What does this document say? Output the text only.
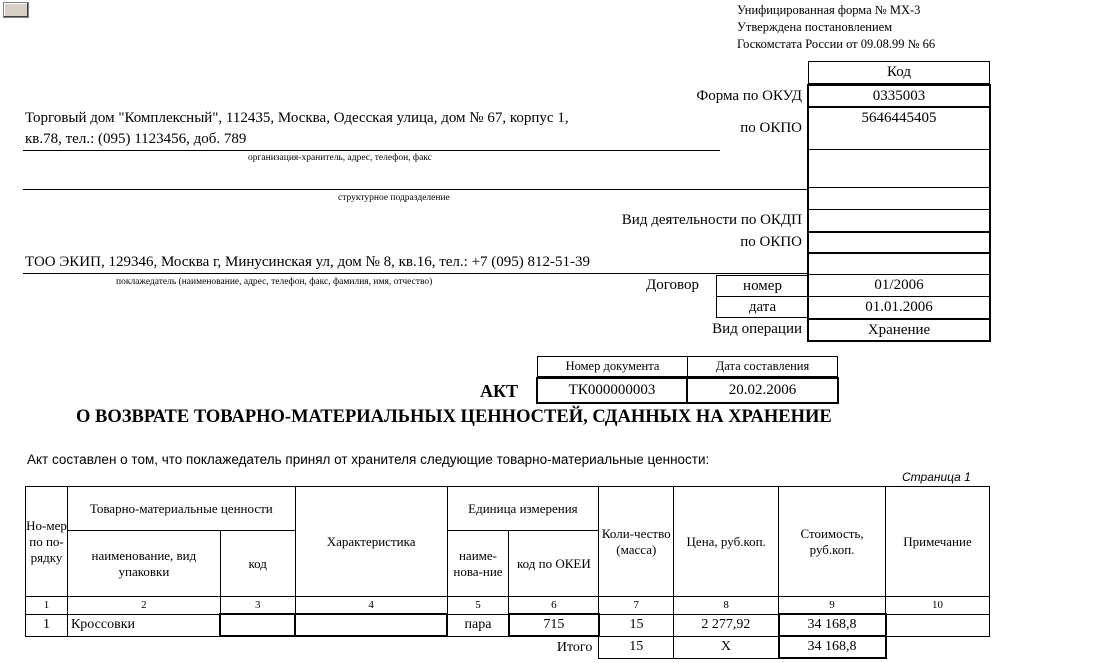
Унифицированная форма № МХ-3
Утверждена постановлением
Госкомстата России от 09.08.99 № 66
Код
Форма по ОКУД	0335003
по ОКПО
5646445405
Вид деятельности по ОКДП
по ОКПО
Договор	номер	01/2006
дата	01.01.2006
Вид операции	Хранение
Торговый дом "Комплексный", 112435, Москва, Одесская улица, дом № 67, корпус 1,
кв.78, тел.: (095) 1123456, доб. 789
организация-хранитель, адрес, телефон, факс
структурное подразделение
ТОО ЭКИП, 129346, Москва г, Минусинская ул, дом № 8, кв.16, тел.: +7 (095) 812-51-39
поклажедатель (наименование, адрес, телефон, факс, фамилия, имя, отчество)
Номер документа	Дата составления
АКТ	ТК000000003	20.02.2006
О ВОЗВРАТЕ ТОВАРНО-МАТЕРИАЛЬНЫХ ЦЕННОСТЕЙ, СДАННЫХ НА ХРАНЕНИЕ
Акт составлен о том, что поклажедатель принял от хранителя следующие товарно-материальные ценности:
Страница 1
Но-мер по по-рядку	Товарно-материальные ценности		Характеристика	Единица измерения		Коли-чество (масса)	Цена, руб.коп.	Стоимость, руб.коп.	Примечание
	наименование, вид упаковки	код		наиме-нова-ние	код по ОКЕИ				
1	2	3	4	5	6	7	8	9	10
1	Кроссовки			пара	715	15	2 277,92	34 168,8	
Итого						15	Х	34 168,8	
